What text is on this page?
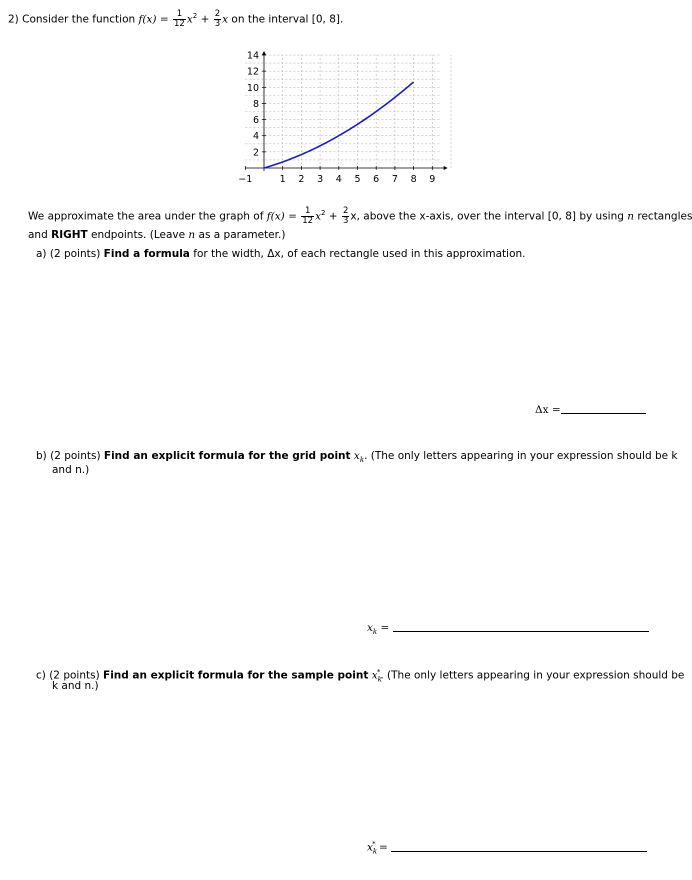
2) Consider the function $f(x) = \frac{1}{12} x^2 + \frac{2}{3}$ x on the interval [0, 8].
−1	1 2 3 4 5 6 7 8 9
14
12
10
8
6
4
2
We approximate the area under the graph of $f(x) = \frac{1}{12} x^2 + \frac{2}{3} x$, above the x-axis, over the interval [0, 8] by using n rectangles
and RIGHT endpoints. (Leave n as a parameter.)
a) (2 points) Find a formula for the width, Δx, of each rectangle used in this approximation.
Δx =
b) (2 points) Find an explicit formula for the grid point $x_k$. (The only letters appearing in your expression should be k
and n.)
$x_k$ =
c) (2 points) Find an explicit formula for the sample point $x_k^*$. (The only letters appearing in your expression should be
k and n.)
$x_k^*$ =
